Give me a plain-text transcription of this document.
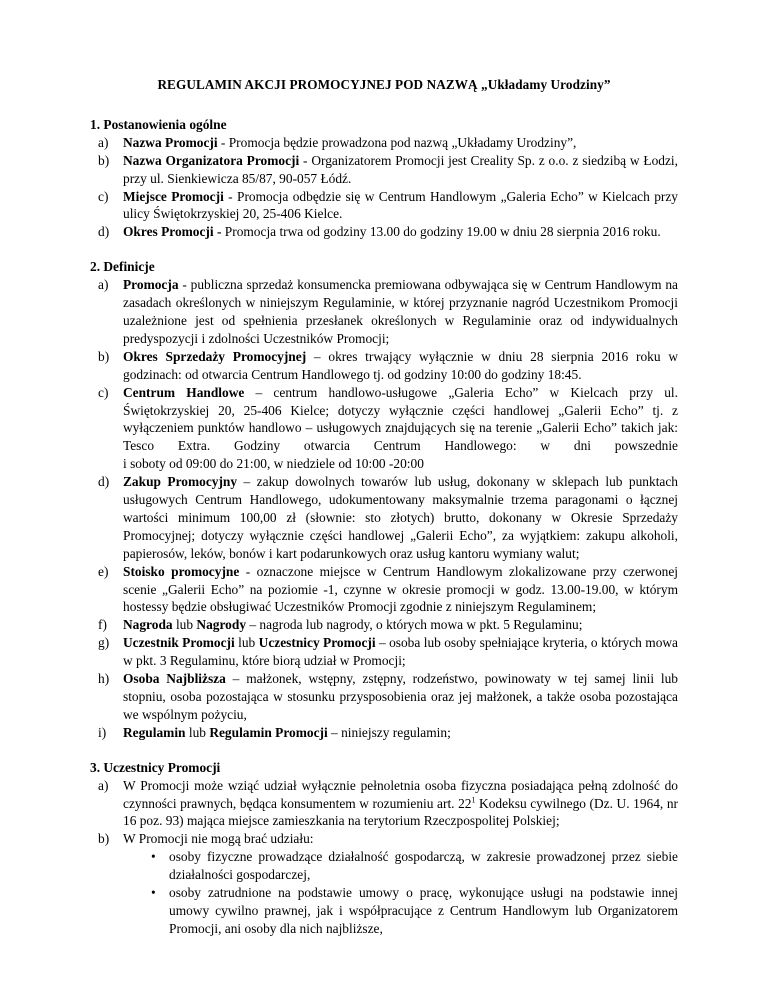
REGULAMIN AKCJI PROMOCYJNEJ POD NAZWĄ „Układamy Urodziny”

1. Postanowienia ogólne

a) Nazwa Promocji - Promocja będzie prowadzona pod nazwą „Układamy Urodziny”,
b) Nazwa Organizatora Promocji - Organizatorem Promocji jest Creality Sp. z o.o. z siedzibą w Łodzi, przy ul. Sienkiewicza 85/87, 90-057 Łódź.
c) Miejsce Promocji - Promocja odbędzie się w Centrum Handlowym „Galeria Echo” w Kielcach przy ulicy Świętokrzyskiej 20, 25-406 Kielce.
d) Okres Promocji - Promocja trwa od godziny 13.00 do godziny 19.00 w dniu 28 sierpnia 2016 roku.

2. Definicje

a) Promocja - publiczna sprzedaż konsumencka premiowana odbywająca się w Centrum Handlowym na zasadach określonych w niniejszym Regulaminie, w której przyznanie nagród Uczestnikom Promocji uzależnione jest od spełnienia przesłanek określonych w Regulaminie oraz od indywidualnych predyspozycji i zdolności Uczestników Promocji;
b) Okres Sprzedaży Promocyjnej – okres trwający wyłącznie w dniu 28 sierpnia 2016 roku w godzinach: od otwarcia Centrum Handlowego tj. od godziny 10:00 do godziny 18:45.
c) Centrum Handlowe – centrum handlowo-usługowe „Galeria Echo” w Kielcach przy ul. Świętokrzyskiej 20, 25-406 Kielce; dotyczy wyłącznie części handlowej „Galerii Echo” tj. z wyłączeniem punktów handlowo – usługowych znajdujących się na terenie „Galerii Echo” takich jak: Tesco Extra. Godziny otwarcia Centrum Handlowego: w dni powszednie
i soboty od 09:00 do 21:00, w niedziele od 10:00 -20:00
d) Zakup Promocyjny – zakup dowolnych towarów lub usług, dokonany w sklepach lub punktach usługowych Centrum Handlowego, udokumentowany maksymalnie trzema paragonami o łącznej wartości minimum 100,00 zł (słownie: sto złotych) brutto, dokonany w Okresie Sprzedaży Promocyjnej; dotyczy wyłącznie części handlowej „Galerii Echo”, za wyjątkiem: zakupu alkoholi, papierosów, leków, bonów i kart podarunkowych oraz usług kantoru wymiany walut;
e) Stoisko promocyjne - oznaczone miejsce w Centrum Handlowym zlokalizowane przy czerwonej scenie „Galerii Echo” na poziomie -1, czynne w okresie promocji w godz. 13.00-19.00, w którym hostessy będzie obsługiwać Uczestników Promocji zgodnie z niniejszym Regulaminem;
f) Nagroda lub Nagrody – nagroda lub nagrody, o których mowa w pkt. 5 Regulaminu;
g) Uczestnik Promocji lub Uczestnicy Promocji – osoba lub osoby spełniające kryteria, o których mowa w pkt. 3 Regulaminu, które biorą udział w Promocji;
h) Osoba Najbliższa – małżonek, wstępny, zstępny, rodzeństwo, powinowaty w tej samej linii lub stopniu, osoba pozostająca w stosunku przysposobienia oraz jej małżonek, a także osoba pozostająca we wspólnym pożyciu,
i) Regulamin lub Regulamin Promocji – niniejszy regulamin;

3. Uczestnicy Promocji

a) W Promocji może wziąć udział wyłącznie pełnoletnia osoba fizyczna posiadająca pełną zdolność do czynności prawnych, będąca konsumentem w rozumieniu art. $22^1$ Kodeksu cywilnego (Dz. U. 1964, nr 16 poz. 93) mająca miejsce zamieszkania na terytorium Rzeczpospolitej Polskiej;
b) W Promocji nie mogą brać udziału:
• osoby fizyczne prowadzące działalność gospodarczą, w zakresie prowadzonej przez siebie działalności gospodarczej,
• osoby zatrudnione na podstawie umowy o pracę, wykonujące usługi na podstawie innej umowy cywilno prawnej, jak i współpracujące z Centrum Handlowym lub Organizatorem Promocji, ani osoby dla nich najbliższe,
